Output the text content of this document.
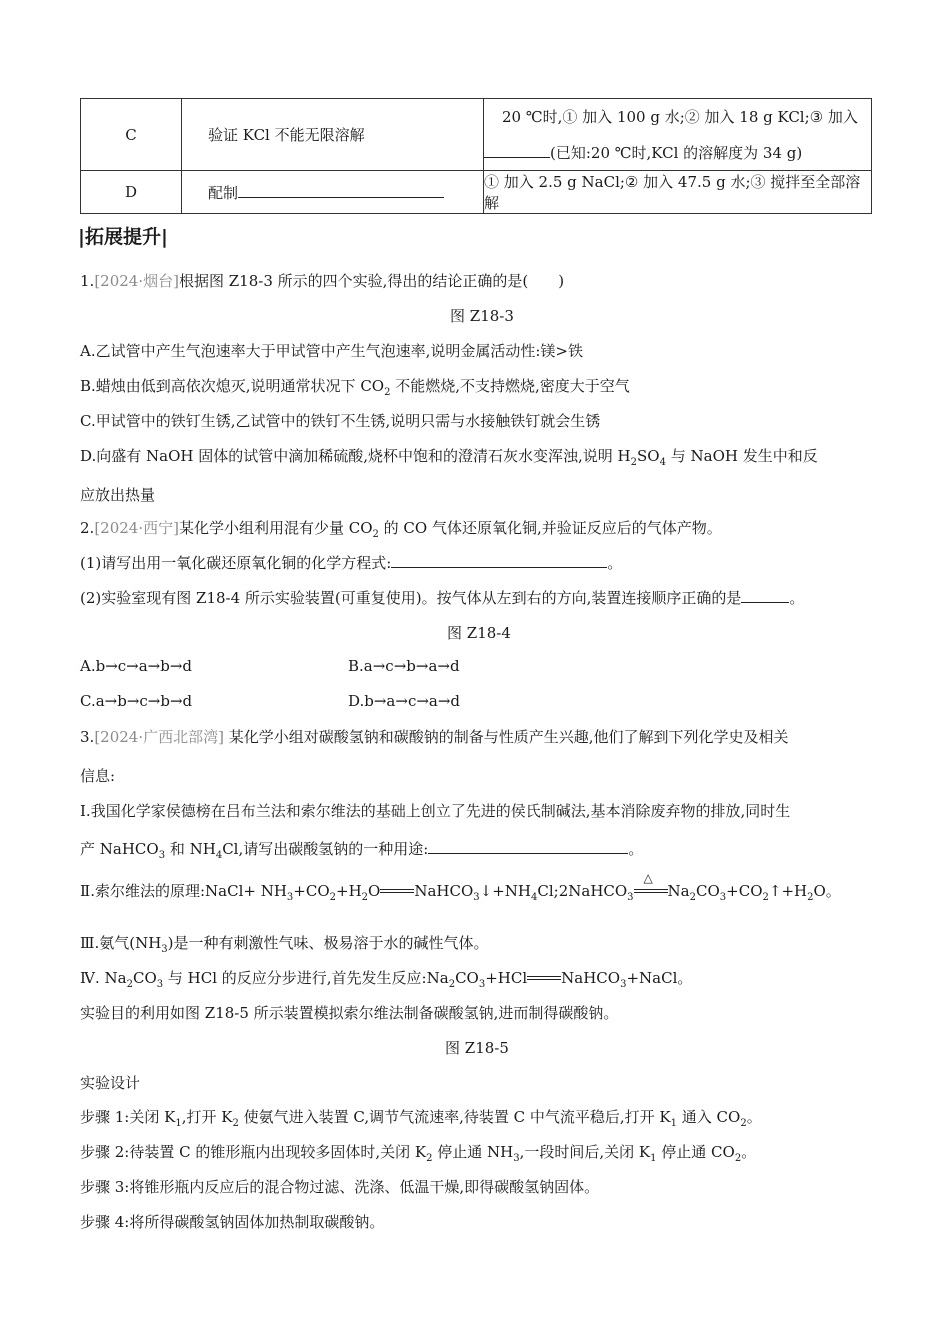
C	验证 KCl 不能无限溶解	20 ℃时,① 加入 100 g 水;② 加入 18 g KCl;③ 加入
(已知:20 ℃时,KCl 的溶解度为 34 g)

D	配制	① 加入 2.5 g NaCl;② 加入 47.5 g 水;③ 搅拌至全部溶解
|拓展提升|
1.[2024·烟台]根据图 Z18-3 所示的四个实验,得出的结论正确的是(　　)
图 Z18-3
A.乙试管中产生气泡速率大于甲试管中产生气泡速率,说明金属活动性:镁>铁
B.蜡烛由低到高依次熄灭,说明通常状况下 $CO_2$ 不能燃烧,不支持燃烧,密度大于空气
C.甲试管中的铁钉生锈,乙试管中的铁钉不生锈,说明只需与水接触铁钉就会生锈
D.向盛有 NaOH 固体的试管中滴加稀硫酸,烧杯中饱和的澄清石灰水变浑浊,说明 $H_2SO_4$ 与 NaOH 发生中和反
应放出热量
2.[2024·西宁]某化学小组利用混有少量 $CO_2$ 的 CO 气体还原氧化铜,并验证反应后的气体产物。
(1)请写出用一氧化碳还原氧化铜的化学方程式:	。
(2)实验室现有图 Z18-4 所示实验装置(可重复使用)。按气体从左到右的方向,装置连接顺序正确的是	。
图 Z18-4
A.b→c→a→b→d	B.a→c→b→a→d
C.a→b→c→b→d	D.b→a→c→a→d
3.[2024·广西北部湾] 某化学小组对碳酸氢钠和碳酸钠的制备与性质产生兴趣,他们了解到下列化学史及相关
信息:
Ⅰ.我国化学家侯德榜在吕布兰法和索尔维法的基础上创立了先进的侯氏制碱法,基本消除废弃物的排放,同时生
产 NaHCO$_3$ 和 $NH_4Cl$,请写出碳酸氢钠的一种用途:	。
Ⅱ.索尔维法的原理:NaCl+ $NH_3+CO_2+H_2O$ $NaHCO_3↓+NH_4Cl;2NaHCO_3$
△
$Na_2CO_3+CO_2↑+H_2O$。
Ⅲ.氨气$(NH_3)$是一种有刺激性气味、极易溶于水的碱性气体。
Ⅳ. $Na_2CO_3$ 与 HCl 的反应分步进行,首先发生反应$:Na_2CO_3+HCl$ NaHCO$_3$+NaCl。
实验目的利用如图 Z18-5 所示装置模拟索尔维法制备碳酸氢钠,进而制得碳酸钠。
图 Z18-5
实验设计
步骤 1:关闭 $K_1$,打开 $K_2$ 使氨气进入装置 C,调节气流速率,待装置 C 中气流平稳后,打开 $K_1$ 通入 $CO_2$。
步骤 2:待装置 C 的锥形瓶内出现较多固体时,关闭 $K_2$ 停止通 $NH_3$,一段时间后,关闭 $K_1$ 停止通 $CO_2$。
步骤 3:将锥形瓶内反应后的混合物过滤、洗涤、低温干燥,即得碳酸氢钠固体。
步骤 4:将所得碳酸氢钠固体加热制取碳酸钠。
